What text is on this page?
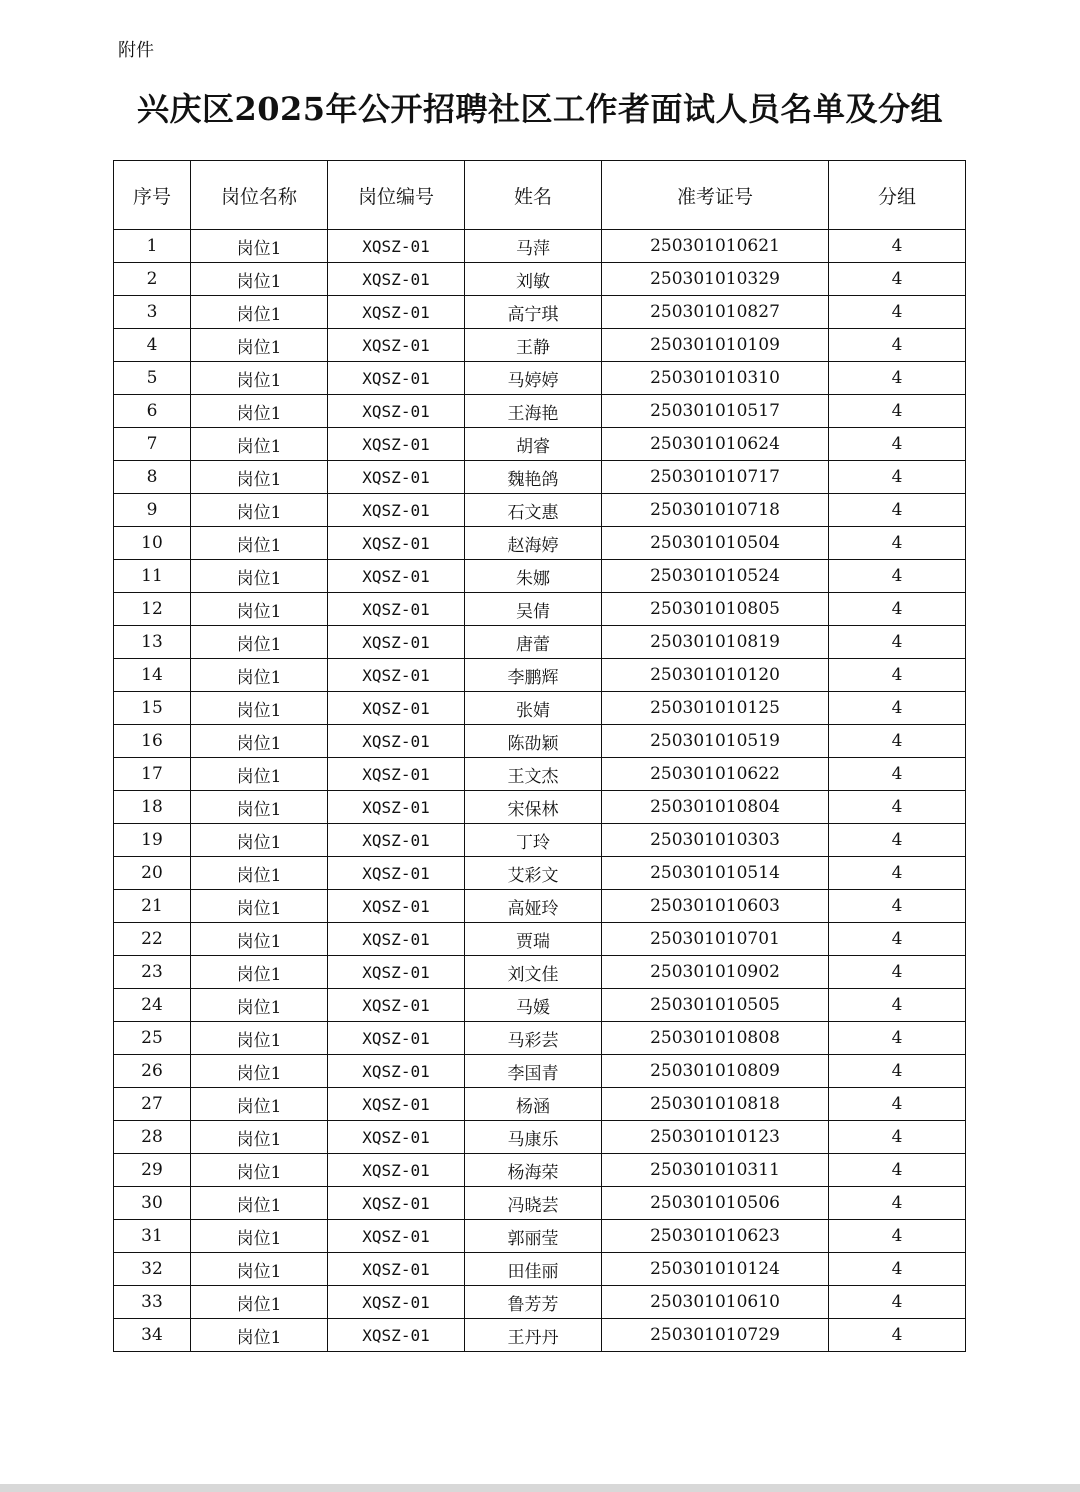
附件
兴庆区2025年公开招聘社区工作者面试人员名单及分组
序号	岗位名称	岗位编号	姓名	准考证号	分组
1	岗位1	XQSZ-01	马萍	250301010621	4
2	岗位1	XQSZ-01	刘敏	250301010329	4
3	岗位1	XQSZ-01	高宁琪	250301010827	4
4	岗位1	XQSZ-01	王静	250301010109	4
5	岗位1	XQSZ-01	马婷婷	250301010310	4
6	岗位1	XQSZ-01	王海艳	250301010517	4
7	岗位1	XQSZ-01	胡睿	250301010624	4
8	岗位1	XQSZ-01	魏艳鸽	250301010717	4
9	岗位1	XQSZ-01	石文惠	250301010718	4
10	岗位1	XQSZ-01	赵海婷	250301010504	4
11	岗位1	XQSZ-01	朱娜	250301010524	4
12	岗位1	XQSZ-01	吴倩	250301010805	4
13	岗位1	XQSZ-01	唐蕾	250301010819	4
14	岗位1	XQSZ-01	李鹏辉	250301010120	4
15	岗位1	XQSZ-01	张婧	250301010125	4
16	岗位1	XQSZ-01	陈劭颖	250301010519	4
17	岗位1	XQSZ-01	王文杰	250301010622	4
18	岗位1	XQSZ-01	宋保林	250301010804	4
19	岗位1	XQSZ-01	丁玲	250301010303	4
20	岗位1	XQSZ-01	艾彩文	250301010514	4
21	岗位1	XQSZ-01	高娅玲	250301010603	4
22	岗位1	XQSZ-01	贾瑞	250301010701	4
23	岗位1	XQSZ-01	刘文佳	250301010902	4
24	岗位1	XQSZ-01	马媛	250301010505	4
25	岗位1	XQSZ-01	马彩芸	250301010808	4
26	岗位1	XQSZ-01	李国青	250301010809	4
27	岗位1	XQSZ-01	杨涵	250301010818	4
28	岗位1	XQSZ-01	马康乐	250301010123	4
29	岗位1	XQSZ-01	杨海荣	250301010311	4
30	岗位1	XQSZ-01	冯晓芸	250301010506	4
31	岗位1	XQSZ-01	郭丽莹	250301010623	4
32	岗位1	XQSZ-01	田佳丽	250301010124	4
33	岗位1	XQSZ-01	鲁芳芳	250301010610	4
34	岗位1	XQSZ-01	王丹丹	250301010729	4
